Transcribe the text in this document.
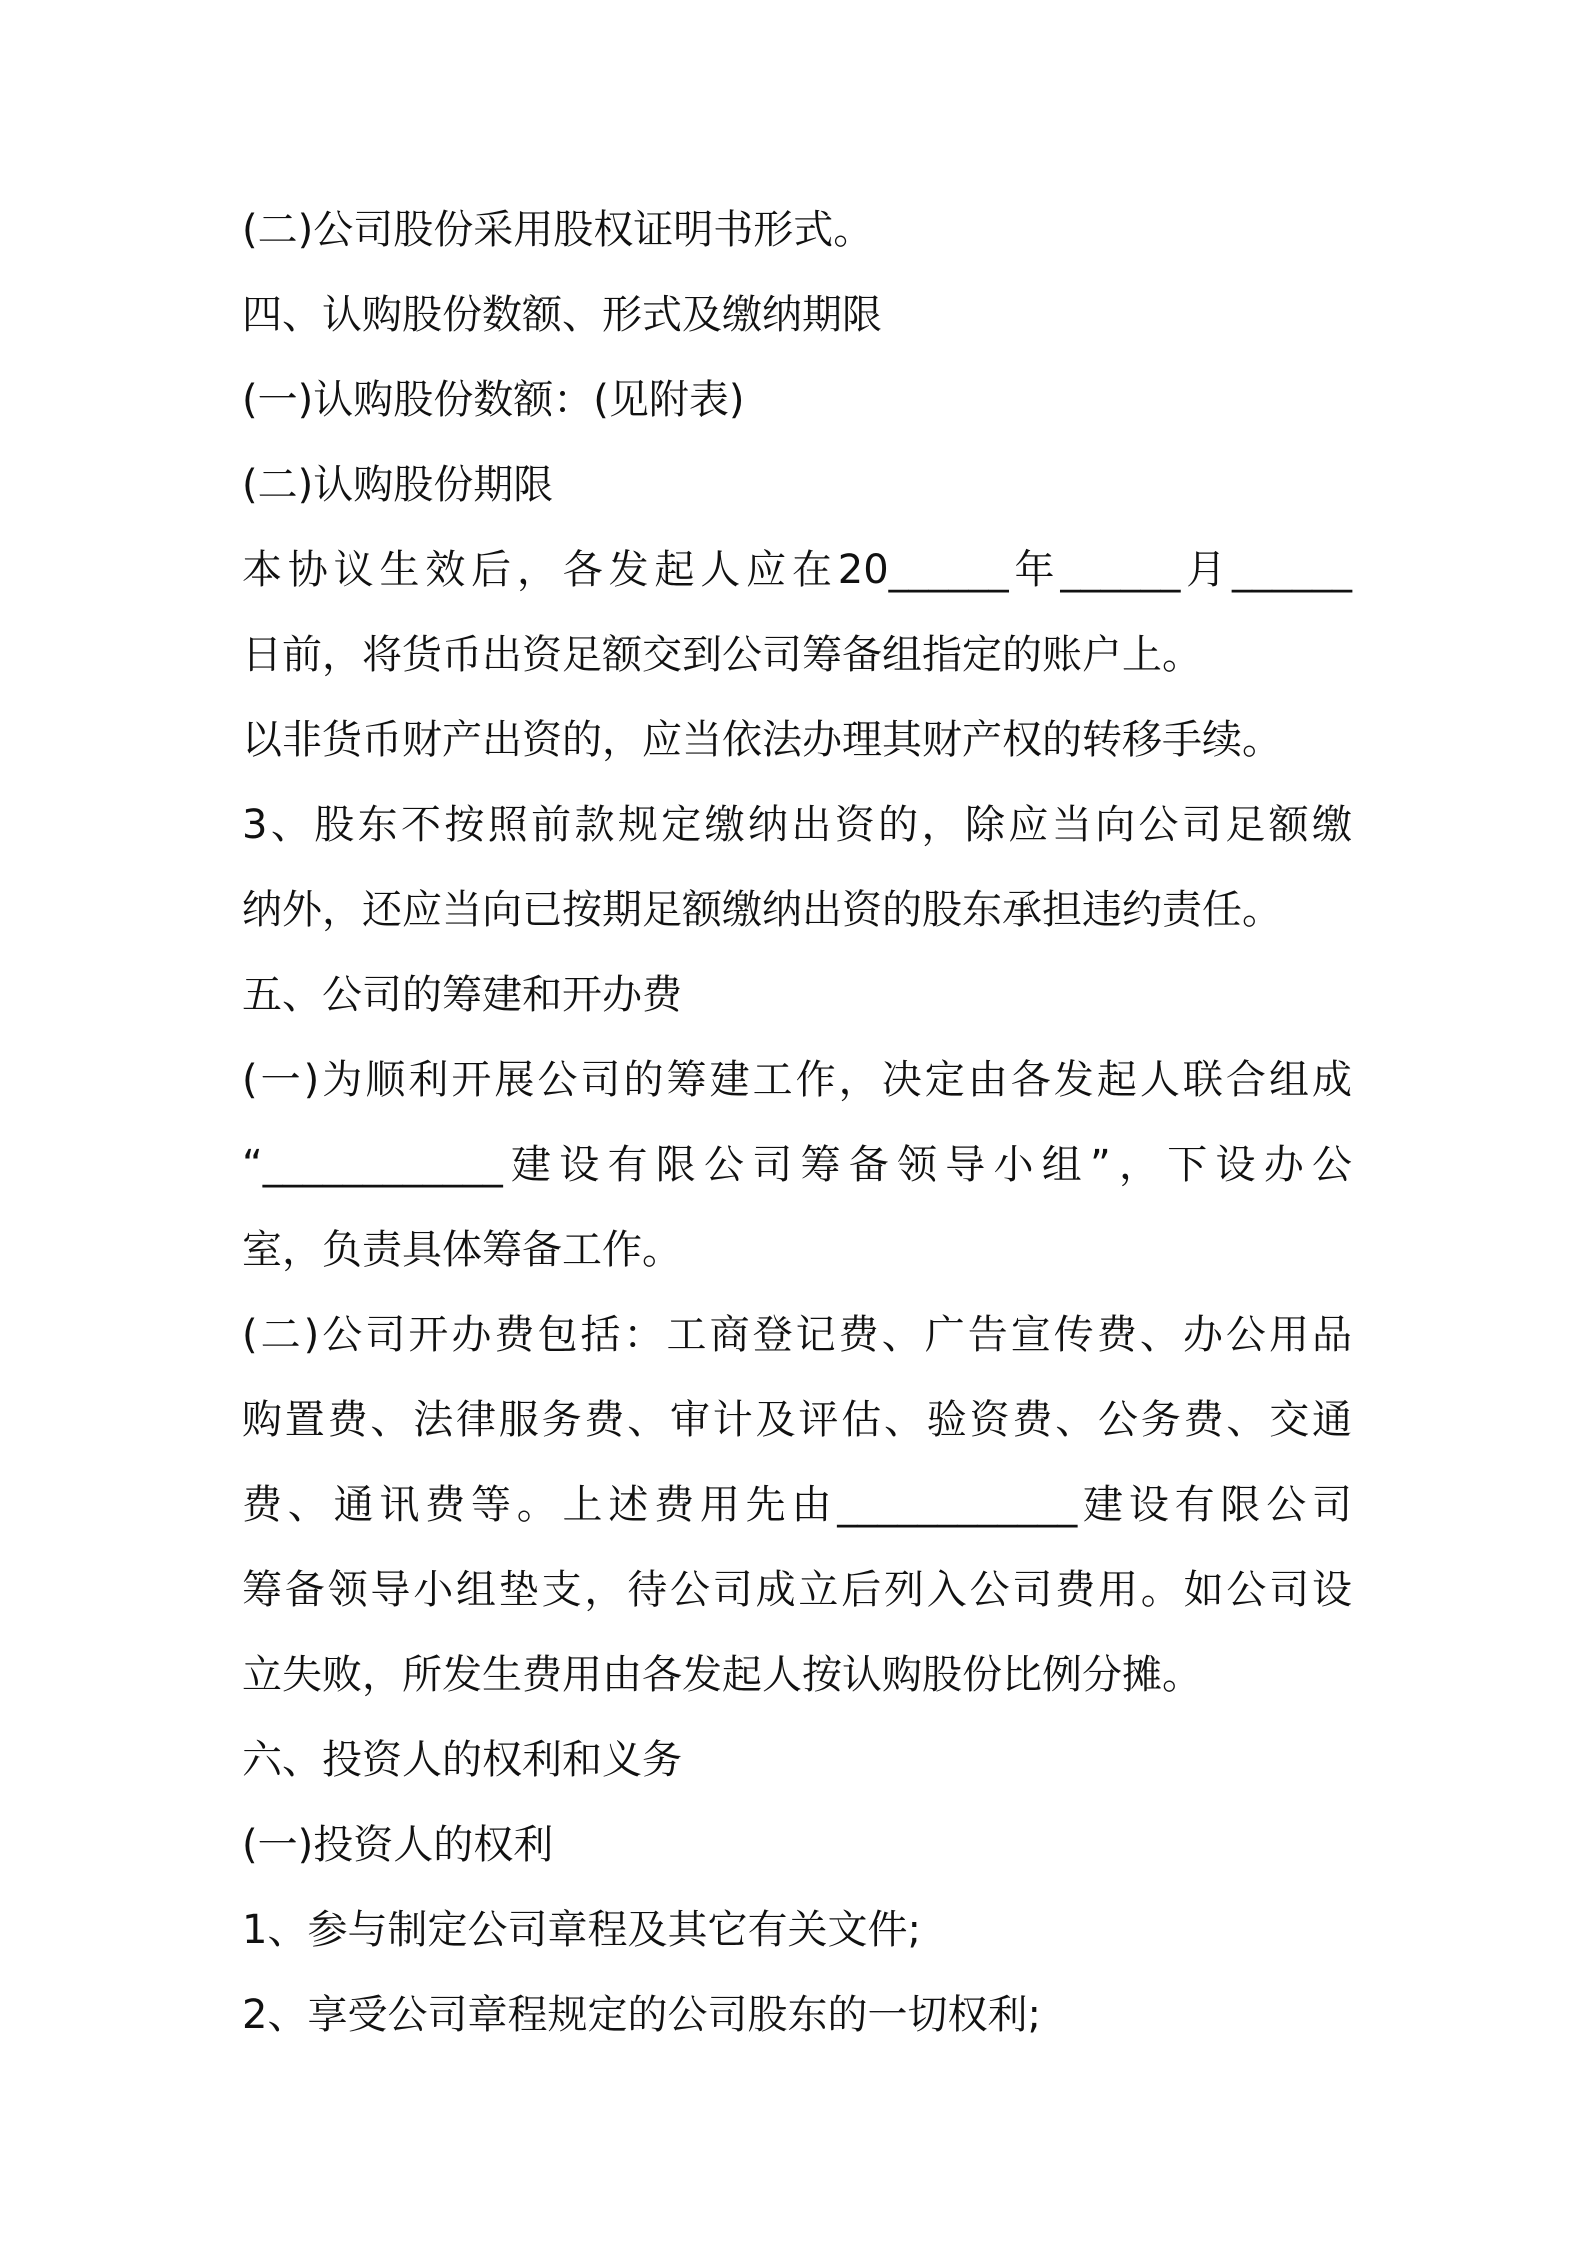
(二)公司股份采用股权证明书形式。
四、认购股份数额、形式及缴纳期限
(一)认购股份数额：(见附表)
(二)认购股份期限
本协议生效后，各发起人应在20______年______月______
日前，将货币出资足额交到公司筹备组指定的账户上。
以非货币财产出资的，应当依法办理其财产权的转移手续。
3、股东不按照前款规定缴纳出资的，除应当向公司足额缴
纳外，还应当向已按期足额缴纳出资的股东承担违约责任。
五、公司的筹建和开办费
(一)为顺利开展公司的筹建工作，决定由各发起人联合组成
“____________建设有限公司筹备领导小组”，下设办公
室，负责具体筹备工作。
(二)公司开办费包括：工商登记费、广告宣传费、办公用品
购置费、法律服务费、审计及评估、验资费、公务费、交通
费、通讯费等。上述费用先由____________建设有限公司
筹备领导小组垫支，待公司成立后列入公司费用。如公司设
立失败，所发生费用由各发起人按认购股份比例分摊。
六、投资人的权利和义务
(一)投资人的权利
1、参与制定公司章程及其它有关文件;
2、享受公司章程规定的公司股东的一切权利;
